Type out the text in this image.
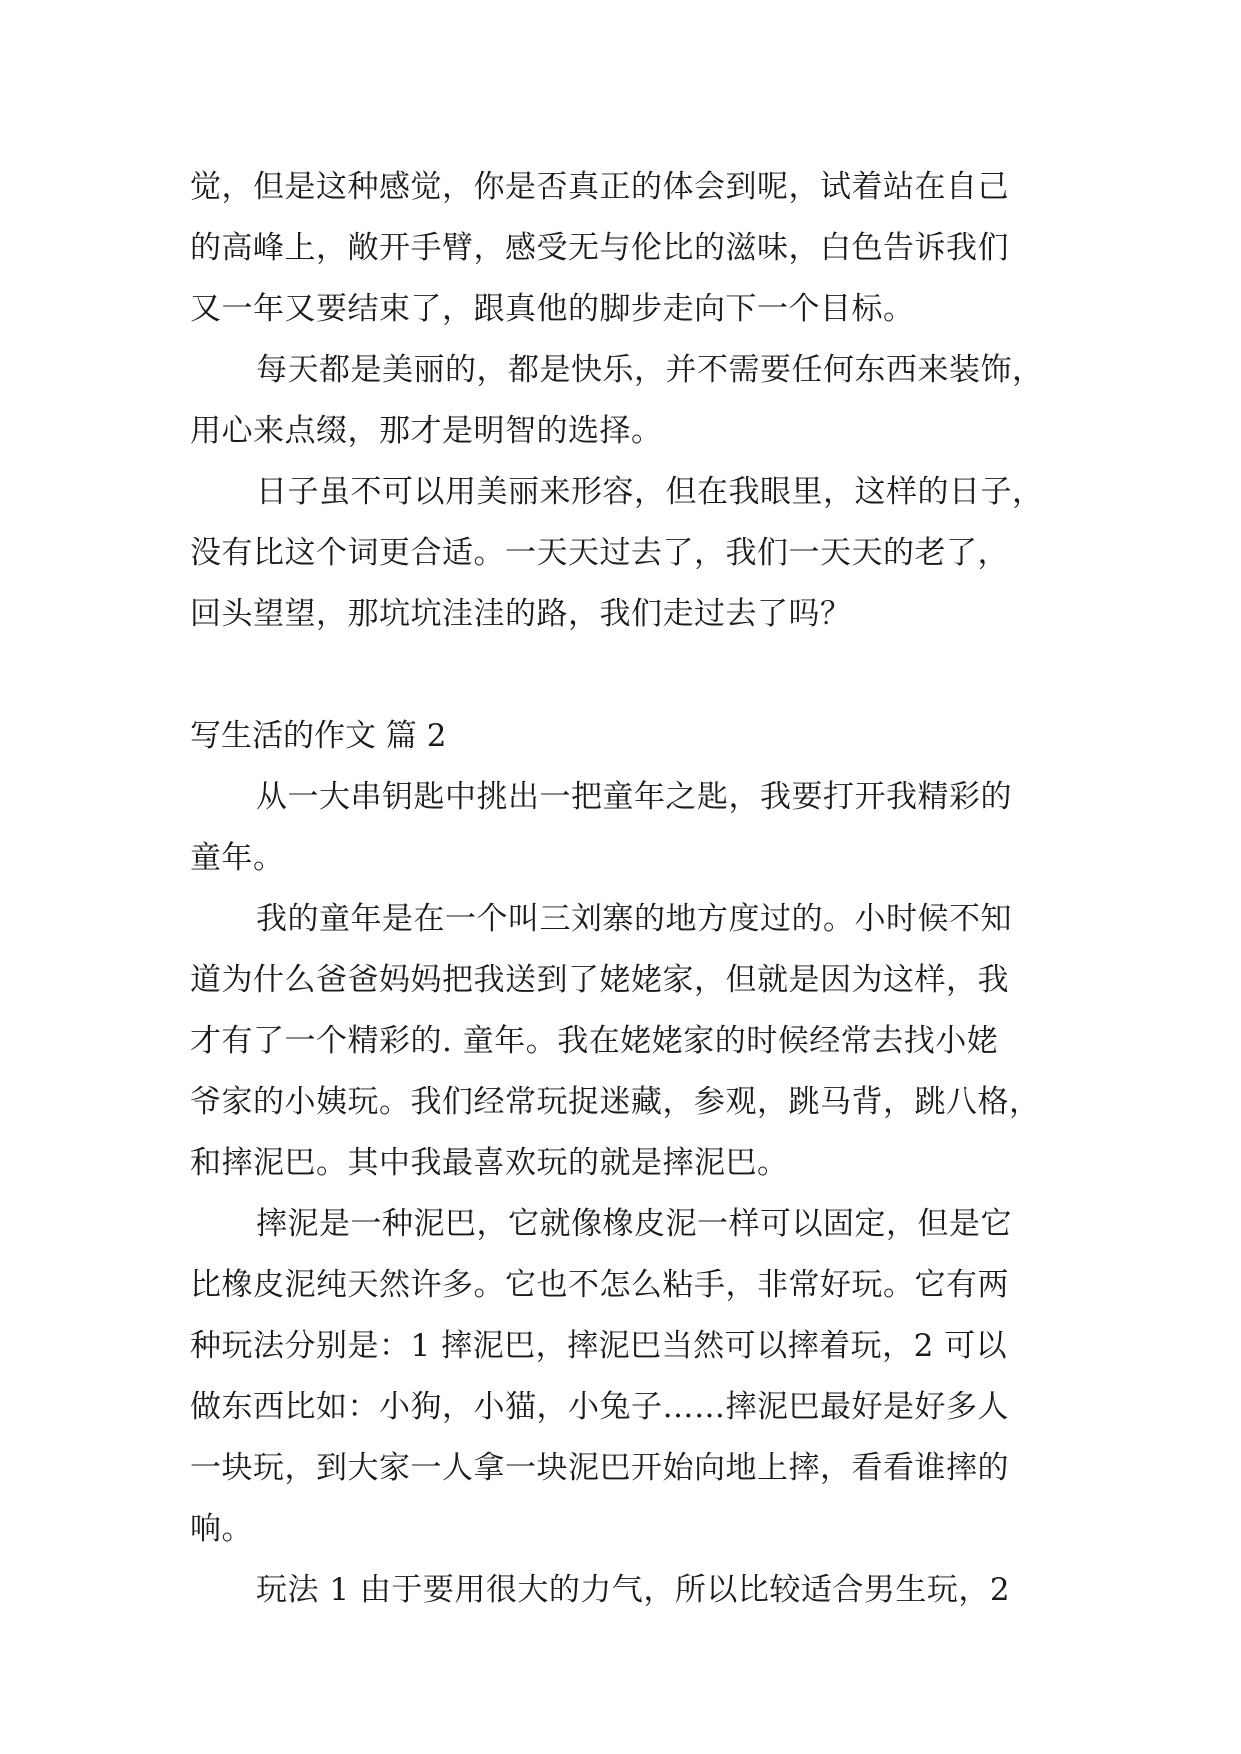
觉，但是这种感觉，你是否真正的体会到呢，试着站在自己
的高峰上，敞开手臂，感受无与伦比的滋味，白色告诉我们
又一年又要结束了，跟真他的脚步走向下一个目标。
每天都是美丽的，都是快乐，并不需要任何东西来装饰，
用心来点缀，那才是明智的选择。
日子虽不可以用美丽来形容，但在我眼里，这样的日子，
没有比这个词更合适。一天天过去了，我们一天天的老了，
回头望望，那坑坑洼洼的路，我们走过去了吗？
写生活的作文 篇 2
从一大串钥匙中挑出一把童年之匙，我要打开我精彩的
童年。
我的童年是在一个叫三刘寨的地方度过的。小时候不知
道为什么爸爸妈妈把我送到了姥姥家，但就是因为这样，我
才有了一个精彩的. 童年。我在姥姥家的时候经常去找小姥
爷家的小姨玩。我们经常玩捉迷藏，参观，跳马背，跳八格，
和摔泥巴。其中我最喜欢玩的就是摔泥巴。
摔泥是一种泥巴，它就像橡皮泥一样可以固定，但是它
比橡皮泥纯天然许多。它也不怎么粘手，非常好玩。它有两
种玩法分别是：1 摔泥巴，摔泥巴当然可以摔着玩，2 可以
做东西比如：小狗，小猫，小兔子……摔泥巴最好是好多人
一块玩，到大家一人拿一块泥巴开始向地上摔，看看谁摔的
响。
玩法 1 由于要用很大的力气，所以比较适合男生玩，2
